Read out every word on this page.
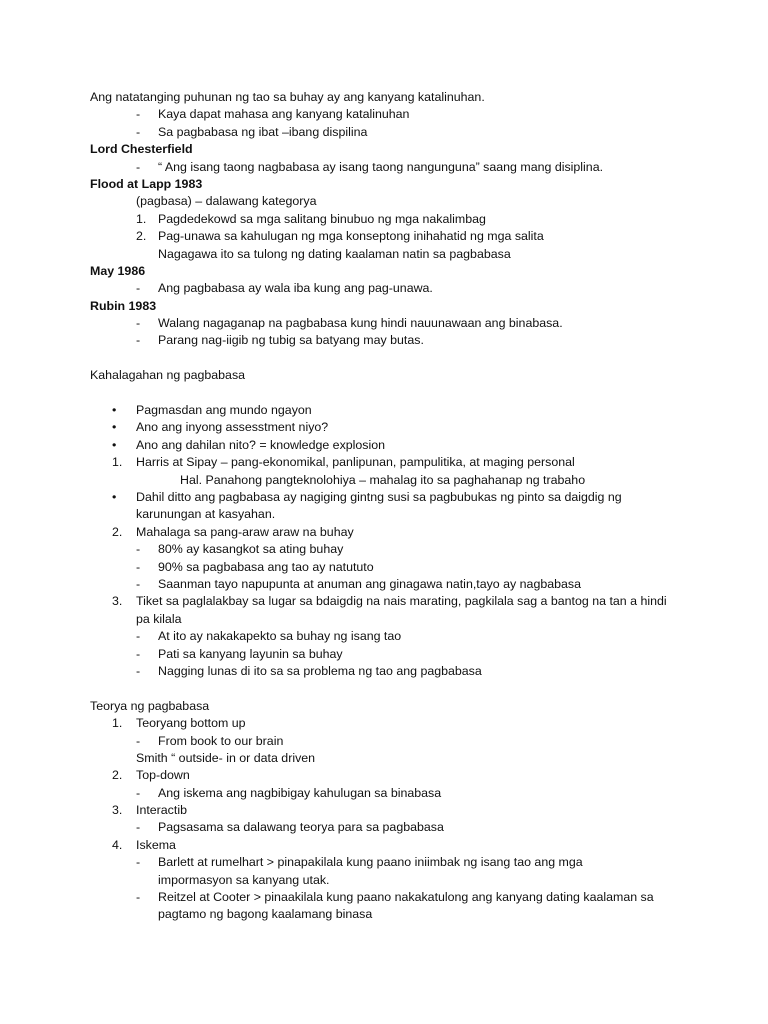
Ang natatanging puhunan ng tao sa buhay ay ang kanyang katalinuhan.
- Kaya dapat mahasa ang kanyang katalinuhan
- Sa pagbabasa ng ibat –ibang dispilina
Lord Chesterfield
- “ Ang isang taong nagbabasa ay isang taong nangunguna” saang mang disiplina.
Flood at Lapp 1983
(pagbasa) – dalawang kategorya
1. Pagdedekowd sa mga salitang binubuo ng mga nakalimbag
2. Pag-unawa sa kahulugan ng mga konseptong inihahatid ng mga salita
Nagagawa ito sa tulong ng dating kaalaman natin sa pagbabasa
May 1986
- Ang pagbabasa ay wala iba kung ang pag-unawa.
Rubin 1983
- Walang nagaganap na pagbabasa kung hindi nauunawaan ang binabasa.
- Parang nag-iigib ng tubig sa batyang may butas.
Kahalagahan ng pagbabasa
• Pagmasdan ang mundo ngayon
• Ano ang inyong assesstment niyo?
• Ano ang dahilan nito? = knowledge explosion
1. Harris at Sipay – pang-ekonomikal, panlipunan, pampulitika, at maging personal
Hal. Panahong pangteknolohiya – mahalag ito sa paghahanap ng trabaho
• Dahil ditto ang pagbabasa ay nagiging gintng susi sa pagbubukas ng pinto sa daigdig ng karunungan at kasyahan.
2. Mahalaga sa pang-araw araw na buhay
- 80% ay kasangkot sa ating buhay
- 90% sa pagbabasa ang tao ay natututo
- Saanman tayo napupunta at anuman ang ginagawa natin,tayo ay nagbabasa
3. Tiket sa paglalakbay sa lugar sa bdaigdig na nais marating, pagkilala sag a bantog na tan a hindi pa kilala
- At ito ay nakakapekto sa buhay ng isang tao
- Pati sa kanyang layunin sa buhay
- Nagging lunas di ito sa sa problema ng tao ang pagbabasa
Teorya ng pagbabasa
1. Teoryang bottom up
- From book to our brain
Smith “ outside- in or data driven
2. Top-down
- Ang iskema ang nagbibigay kahulugan sa binabasa
3. Interactib
- Pagsasama sa dalawang teorya para sa pagbabasa
4. Iskema
- Barlett at rumelhart > pinapakilala kung paano iniimbak ng isang tao ang mga impormasyon sa kanyang utak.
- Reitzel at Cooter > pinaakilala kung paano nakakatulong ang kanyang dating kaalaman sa pagtamo ng bagong kaalamang binasa
